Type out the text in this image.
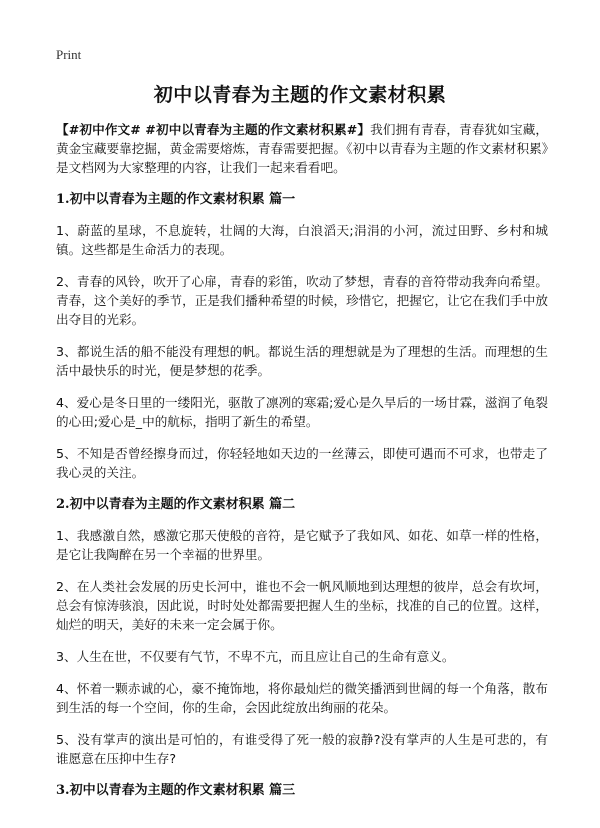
Print
初中以青春为主题的作文素材积累

【#初中作文# #初中以青春为主题的作文素材积累#】我们拥有青春，青春犹如宝藏，黄金宝藏要靠挖掘，黄金需要熔炼，青春需要把握。《初中以青春为主题的作文素材积累》是文档网为大家整理的内容，让我们一起来看看吧。

1.初中以青春为主题的作文素材积累 篇一

1、蔚蓝的星球，不息旋转，壮阔的大海，白浪滔天;涓涓的小河，流过田野、乡村和城镇。这些都是生命活力的表现。

2、青春的风铃，吹开了心扉，青春的彩笛，吹动了梦想，青春的音符带动我奔向希望。青春，这个美好的季节，正是我们播种希望的时候，珍惜它，把握它，让它在我们手中放出夺目的光彩。

3、都说生活的船不能没有理想的帆。都说生活的理想就是为了理想的生活。而理想的生活中最快乐的时光，便是梦想的花季。

4、爱心是冬日里的一缕阳光，驱散了凛冽的寒霜;爱心是久旱后的一场甘霖，滋润了龟裂的心田;爱心是_中的航标，指明了新生的希望。

5、不知是否曾经擦身而过，你轻轻地如天边的一丝薄云，即使可遇而不可求，也带走了我心灵的关注。

2.初中以青春为主题的作文素材积累 篇二

1、我感激自然，感激它那天使般的音符，是它赋予了我如风、如花、如草一样的性格，是它让我陶醉在另一个幸福的世界里。

2、在人类社会发展的历史长河中，谁也不会一帆风顺地到达理想的彼岸，总会有坎坷，总会有惊涛骇浪，因此说，时时处处都需要把握人生的坐标，找准的自己的位置。这样，灿烂的明天，美好的未来一定会属于你。

3、人生在世，不仅要有气节，不卑不亢，而且应让自己的生命有意义。

4、怀着一颗赤诚的心，豪不掩饰地，将你最灿烂的微笑播洒到世阔的每一个角落，散布到生活的每一个空间，你的生命，会因此绽放出绚丽的花朵。

5、没有掌声的演出是可怕的，有谁受得了死一般的寂静?没有掌声的人生是可悲的，有谁愿意在压抑中生存?

3.初中以青春为主题的作文素材积累 篇三
